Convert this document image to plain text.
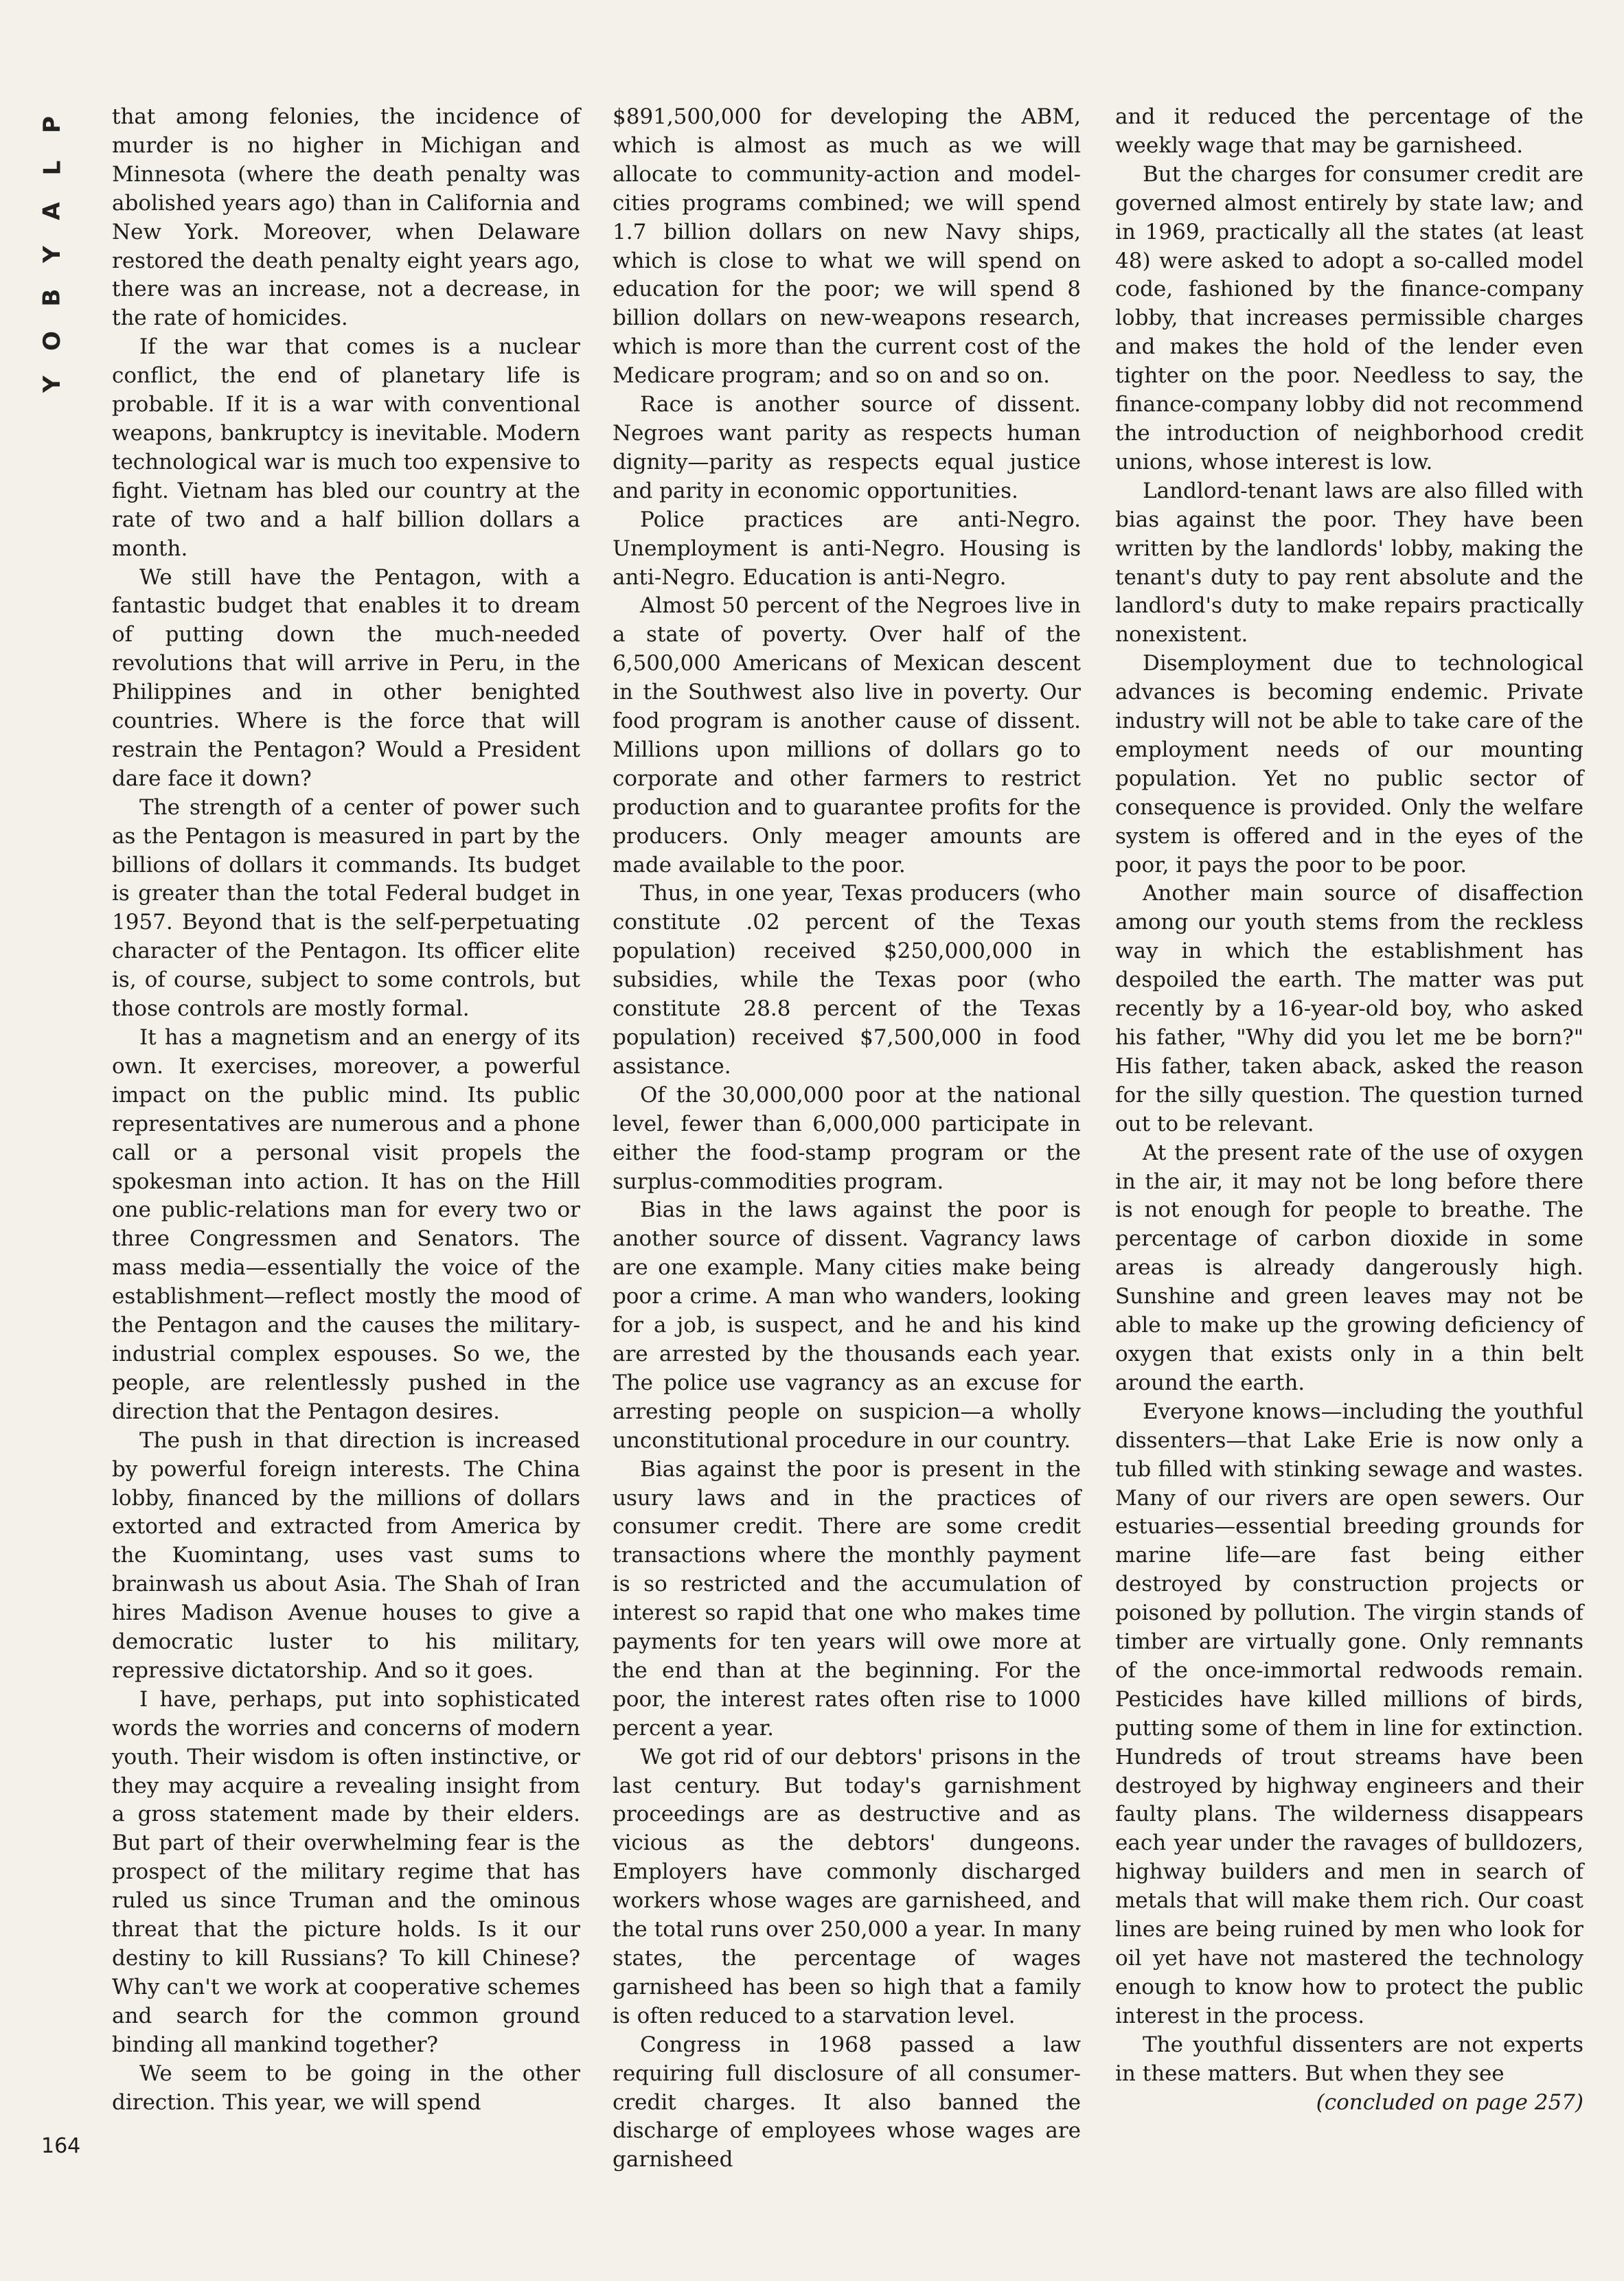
P
L
A
Y
B
O
Y

that among felonies, the incidence of murder is no higher in Michigan and Minnesota (where the death penalty was abolished years ago) than in California and New York. Moreover, when Delaware restored the death penalty eight years ago, there was an increase, not a decrease, in the rate of homicides.

If the war that comes is a nuclear conflict, the end of planetary life is probable. If it is a war with conventional weapons, bankruptcy is inevitable. Modern technological war is much too expensive to fight. Vietnam has bled our country at the rate of two and a half billion dollars a month.

We still have the Pentagon, with a fantastic budget that enables it to dream of putting down the much-needed revolutions that will arrive in Peru, in the Philippines and in other benighted countries. Where is the force that will restrain the Pentagon? Would a President dare face it down?

The strength of a center of power such as the Pentagon is measured in part by the billions of dollars it commands. Its budget is greater than the total Federal budget in 1957. Beyond that is the self-perpetuating character of the Pentagon. Its officer elite is, of course, subject to some controls, but those controls are mostly formal.

It has a magnetism and an energy of its own. It exercises, moreover, a powerful impact on the public mind. Its public representatives are numerous and a phone call or a personal visit propels the spokesman into action. It has on the Hill one public-relations man for every two or three Congressmen and Senators. The mass media—essentially the voice of the establishment—reflect mostly the mood of the Pentagon and the causes the military-industrial complex espouses. So we, the people, are relentlessly pushed in the direction that the Pentagon desires.

The push in that direction is increased by powerful foreign interests. The China lobby, financed by the millions of dollars extorted and extracted from America by the Kuomintang, uses vast sums to brainwash us about Asia. The Shah of Iran hires Madison Avenue houses to give a democratic luster to his military, repressive dictatorship. And so it goes.

I have, perhaps, put into sophisticated words the worries and concerns of modern youth. Their wisdom is often instinctive, or they may acquire a revealing insight from a gross statement made by their elders. But part of their overwhelming fear is the prospect of the military regime that has ruled us since Truman and the ominous threat that the picture holds. Is it our destiny to kill Russians? To kill Chinese? Why can't we work at cooperative schemes and search for the common ground binding all mankind together?

We seem to be going in the other direction. This year, we will spend

$891,500,000 for developing the ABM, which is almost as much as we will allocate to community-action and model-cities programs combined; we will spend 1.7 billion dollars on new Navy ships, which is close to what we will spend on education for the poor; we will spend 8 billion dollars on new-weapons research, which is more than the current cost of the Medicare program; and so on and so on.

Race is another source of dissent. Negroes want parity as respects human dignity—parity as respects equal justice and parity in economic opportunities.

Police practices are anti-Negro. Unemployment is anti-Negro. Housing is anti-Negro. Education is anti-Negro.

Almost 50 percent of the Negroes live in a state of poverty. Over half of the 6,500,000 Americans of Mexican descent in the Southwest also live in poverty. Our food program is another cause of dissent. Millions upon millions of dollars go to corporate and other farmers to restrict production and to guarantee profits for the producers. Only meager amounts are made available to the poor.

Thus, in one year, Texas producers (who constitute .02 percent of the Texas population) received $250,000,000 in subsidies, while the Texas poor (who constitute 28.8 percent of the Texas population) received $7,500,000 in food assistance.

Of the 30,000,000 poor at the national level, fewer than 6,000,000 participate in either the food-stamp program or the surplus-commodities program.

Bias in the laws against the poor is another source of dissent. Vagrancy laws are one example. Many cities make being poor a crime. A man who wanders, looking for a job, is suspect, and he and his kind are arrested by the thousands each year. The police use vagrancy as an excuse for arresting people on suspicion—a wholly unconstitutional procedure in our country.

Bias against the poor is present in the usury laws and in the practices of consumer credit. There are some credit transactions where the monthly payment is so restricted and the accumulation of interest so rapid that one who makes time payments for ten years will owe more at the end than at the beginning. For the poor, the interest rates often rise to 1000 percent a year.

We got rid of our debtors' prisons in the last century. But today's garnishment proceedings are as destructive and as vicious as the debtors' dungeons. Employers have commonly discharged workers whose wages are garnisheed, and the total runs over 250,000 a year. In many states, the percentage of wages garnisheed has been so high that a family is often reduced to a starvation level.

Congress in 1968 passed a law requiring full disclosure of all consumer-credit charges. It also banned the discharge of employees whose wages are garnisheed

and it reduced the percentage of the weekly wage that may be garnisheed.

But the charges for consumer credit are governed almost entirely by state law; and in 1969, practically all the states (at least 48) were asked to adopt a so-called model code, fashioned by the finance-company lobby, that increases permissible charges and makes the hold of the lender even tighter on the poor. Needless to say, the finance-company lobby did not recommend the introduction of neighborhood credit unions, whose interest is low.

Landlord-tenant laws are also filled with bias against the poor. They have been written by the landlords' lobby, making the tenant's duty to pay rent absolute and the landlord's duty to make repairs practically nonexistent.

Disemployment due to technological advances is becoming endemic. Private industry will not be able to take care of the employment needs of our mounting population. Yet no public sector of consequence is provided. Only the welfare system is offered and in the eyes of the poor, it pays the poor to be poor.

Another main source of disaffection among our youth stems from the reckless way in which the establishment has despoiled the earth. The matter was put recently by a 16-year-old boy, who asked his father, "Why did you let me be born?" His father, taken aback, asked the reason for the silly question. The question turned out to be relevant.

At the present rate of the use of oxygen in the air, it may not be long before there is not enough for people to breathe. The percentage of carbon dioxide in some areas is already dangerously high. Sunshine and green leaves may not be able to make up the growing deficiency of oxygen that exists only in a thin belt around the earth.

Everyone knows—including the youthful dissenters—that Lake Erie is now only a tub filled with stinking sewage and wastes. Many of our rivers are open sewers. Our estuaries—essential breeding grounds for marine life—are fast being either destroyed by construction projects or poisoned by pollution. The virgin stands of timber are virtually gone. Only remnants of the once-immortal redwoods remain. Pesticides have killed millions of birds, putting some of them in line for extinction. Hundreds of trout streams have been destroyed by highway engineers and their faulty plans. The wilderness disappears each year under the ravages of bulldozers, highway builders and men in search of metals that will make them rich. Our coast lines are being ruined by men who look for oil yet have not mastered the technology enough to know how to protect the public interest in the process.

The youthful dissenters are not experts in these matters. But when they see

(concluded on page 257)

164
